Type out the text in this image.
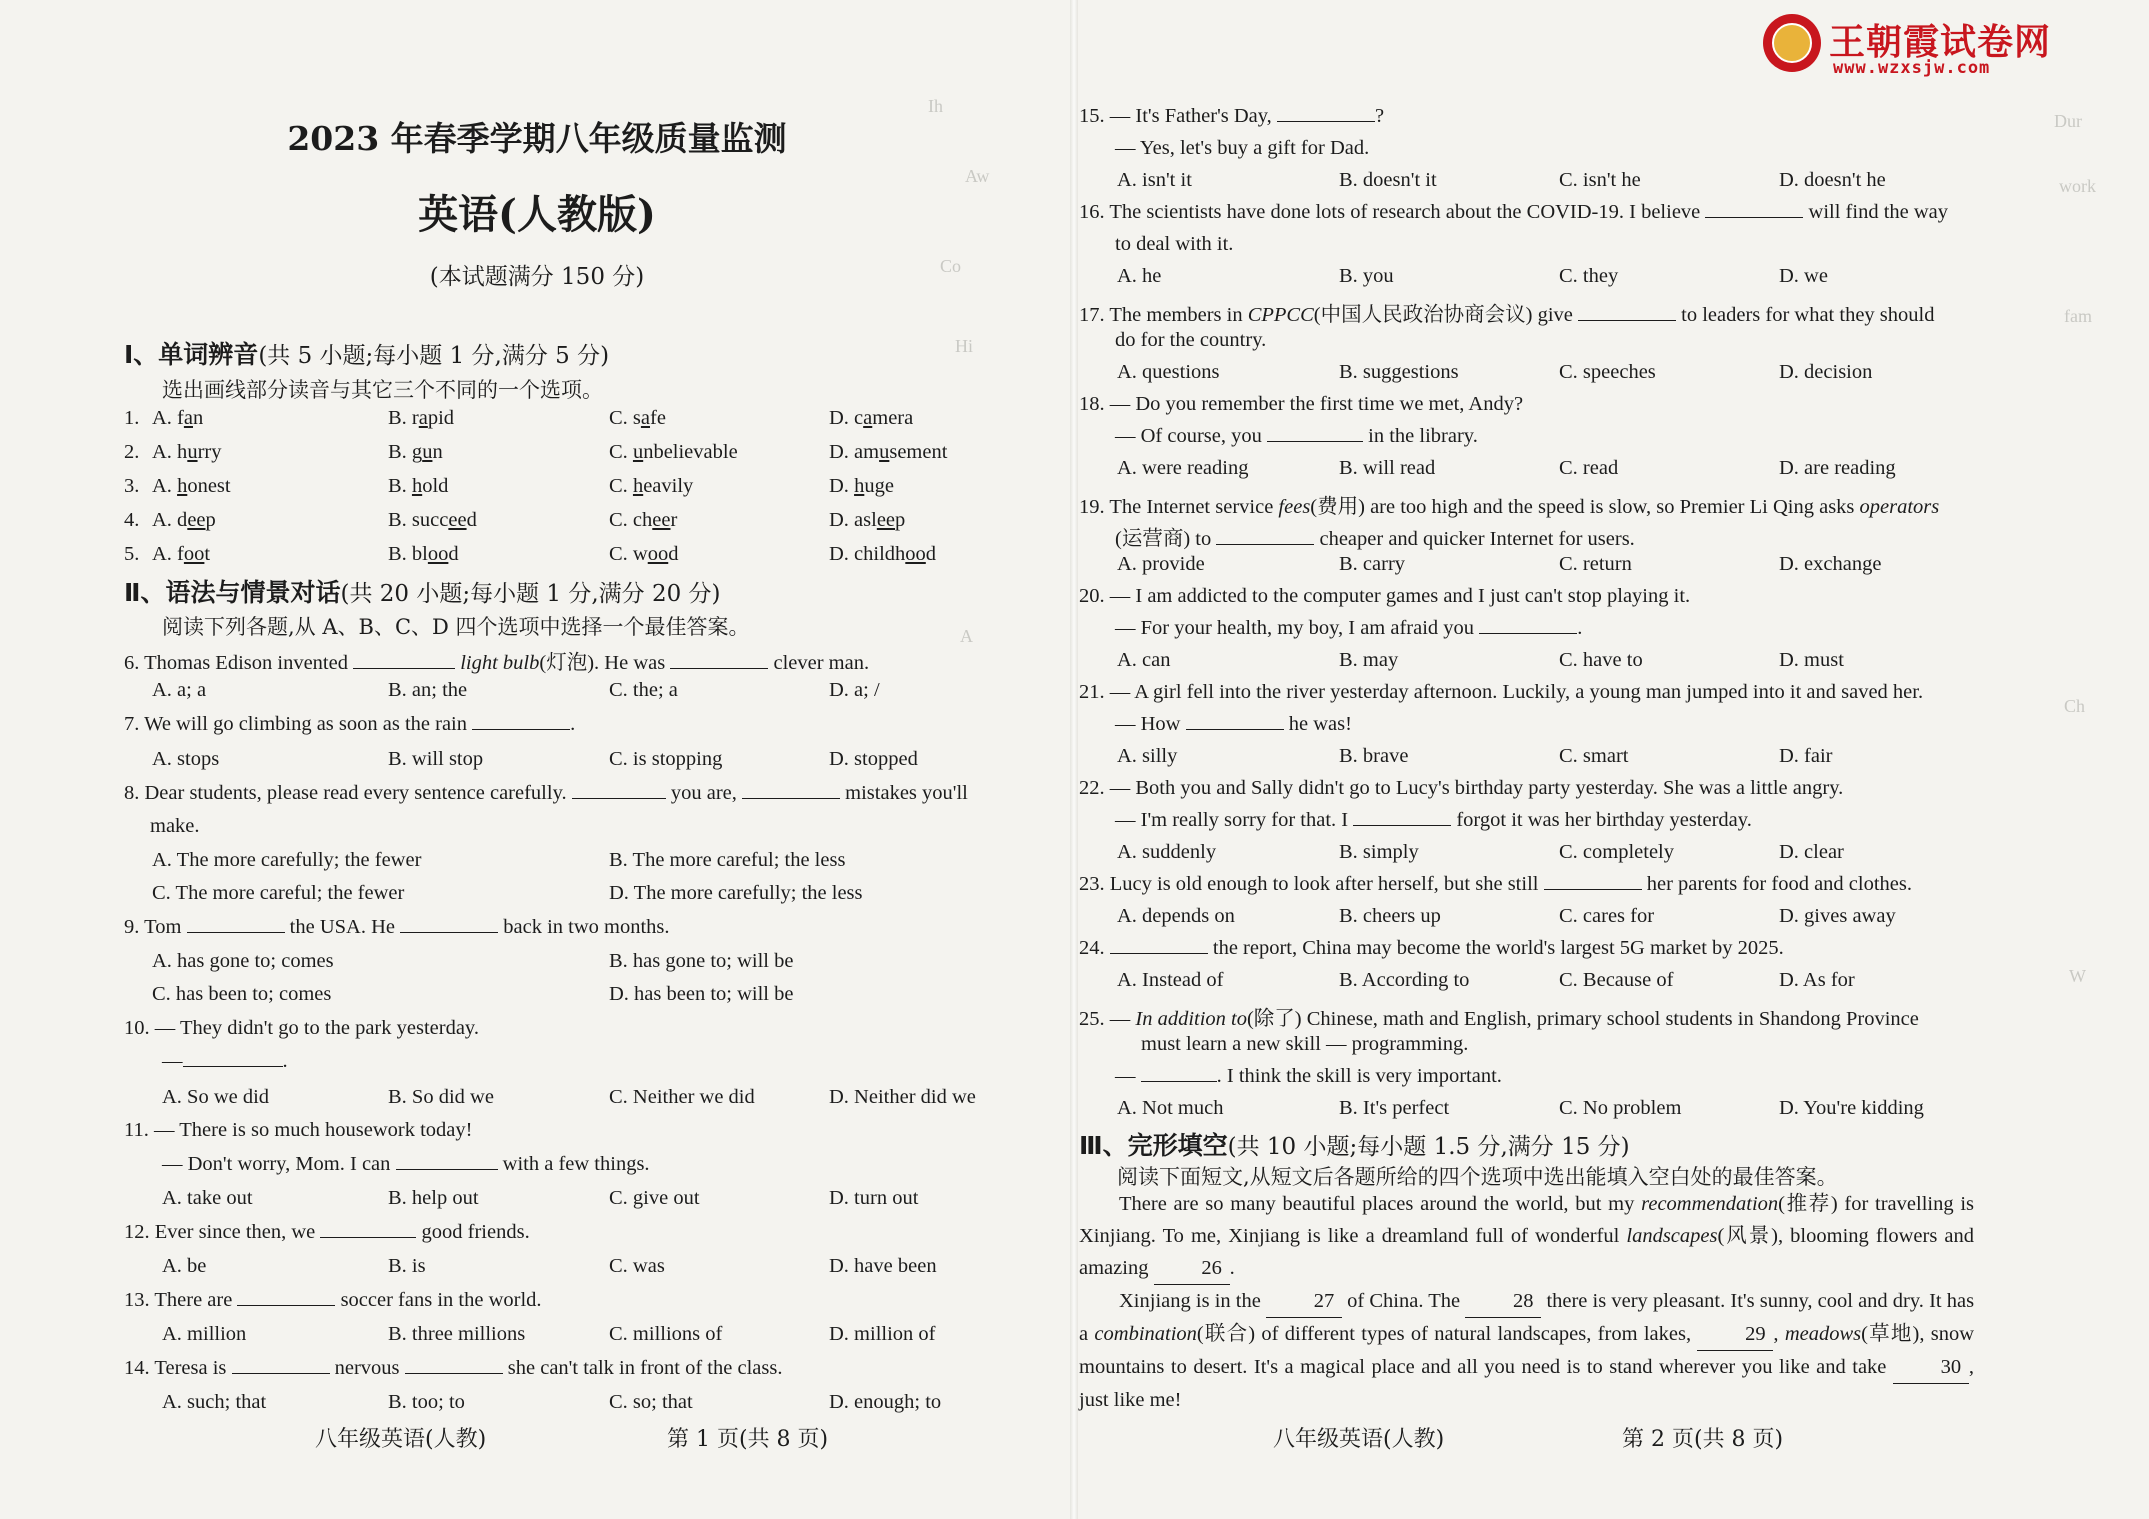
Ih
Aw
Co
Hi
A
2023 年春季学期八年级质量监测
英语(人教版)
(本试题满分 150 分)
Ⅰ、单词辨音(共 5 小题;每小题 1 分,满分 5 分)
选出画线部分读音与其它三个不同的一个选项。
1. A. fan	B. rapid	C. safe	D. camera
2. A. hurry	B. gun	C. unbelievable	D. amusement
3. A. honest	B. hold	C. heavily	D. huge
4. A. deep	B. succeed	C. cheer	D. asleep
5. A. foot	B. blood	C. wood	D. childhood
Ⅱ、语法与情景对话(共 20 小题;每小题 1 分,满分 20 分)
阅读下列各题,从 A、B、C、D 四个选项中选择一个最佳答案。
6. Thomas Edison invented	light bulb(灯泡). He was	clever man.
A. a; a	B. an; the	C. the; a	D. a; /
7. We will go climbing as soon as the rain	.
A. stops	B. will stop	C. is stopping	D. stopped
8. Dear students, please read every sentence carefully.	you are,	mistakes you'll
make.
A. The more carefully; the fewer	B. The more careful; the less
C. The more careful; the fewer	D. The more carefully; the less
9. Tom	the USA. He	back in two months.
A. has gone to; comes	B. has gone to; will be
C. has been to; comes	D. has been to; will be
10. — They didn't go to the park yesterday.
—	.
A. So we did	B. So did we	C. Neither we did	D. Neither did we
11. — There is so much housework today!
— Don't worry, Mom. I can	with a few things.
A. take out	B. help out	C. give out	D. turn out
12. Ever since then, we	good friends.
A. be	B. is	C. was	D. have been
13. There are	soccer fans in the world.
A. million	B. three millions	C. millions of	D. million of
14. Teresa is	nervous	she can't talk in front of the class.
A. such; that	B. too; to	C. so; that	D. enough; to
八年级英语(人教)	第 1 页(共 8 页)
Dur
work
fam
Ch
W
15. — It's Father's Day,	?
— Yes, let's buy a gift for Dad.
A. isn't it	B. doesn't it	C. isn't he	D. doesn't he
16. The scientists have done lots of research about the COVID-19. I believe	will find the way
to deal with it.
A. he	B. you	C. they	D. we
17. The members in CPPCC(中国人民政治协商会议) give	to leaders for what they should
do for the country.
A. questions	B. suggestions	C. speeches	D. decision
18. — Do you remember the first time we met, Andy?
— Of course, you	in the library.
A. were reading	B. will read	C. read	D. are reading
19. The Internet service fees(费用) are too high and the speed is slow, so Premier Li Qing asks operators
(运营商) to	cheaper and quicker Internet for users.
A. provide	B. carry	C. return	D. exchange
20. — I am addicted to the computer games and I just can't stop playing it.
— For your health, my boy, I am afraid you	.
A. can	B. may	C. have to	D. must
21. — A girl fell into the river yesterday afternoon. Luckily, a young man jumped into it and saved her.
— How	he was!
A. silly	B. brave	C. smart	D. fair
22. — Both you and Sally didn't go to Lucy's birthday party yesterday. She was a little angry.
— I'm really sorry for that. I	forgot it was her birthday yesterday.
A. suddenly	B. simply	C. completely	D. clear
23. Lucy is old enough to look after herself, but she still	her parents for food and clothes.
A. depends on	B. cheers up	C. cares for	D. gives away
24.	the report, China may become the world's largest 5G market by 2025.
A. Instead of	B. According to	C. Because of	D. As for
25. — In addition to(除了) Chinese, math and English, primary school students in Shandong Province
must learn a new skill — programming.
—	. I think the skill is very important.
A. Not much	B. It's perfect	C. No problem	D. You're kidding
Ⅲ、完形填空(共 10 小题;每小题 1.5 分,满分 15 分)
阅读下面短文,从短文后各题所给的四个选项中选出能填入空白处的最佳答案。
There are so many beautiful places around the world, but my recommendation(推荐) for travelling is Xinjiang. To me, Xinjiang is like a dreamland full of wonderful landscapes(风景), blooming flowers and amazing	26 .
Xinjiang is in the	27 of China. The	28 there is very pleasant. It's sunny, cool and dry. It has a combination(联合) of different types of natural landscapes, from lakes,	29 , meadows(草地), snow mountains to desert. It's a magical place and all you need is to stand wherever you like and take	30 , just like me!
八年级英语(人教)	第 2 页(共 8 页)
王朝霞试卷网
www.wzxsjw.com
